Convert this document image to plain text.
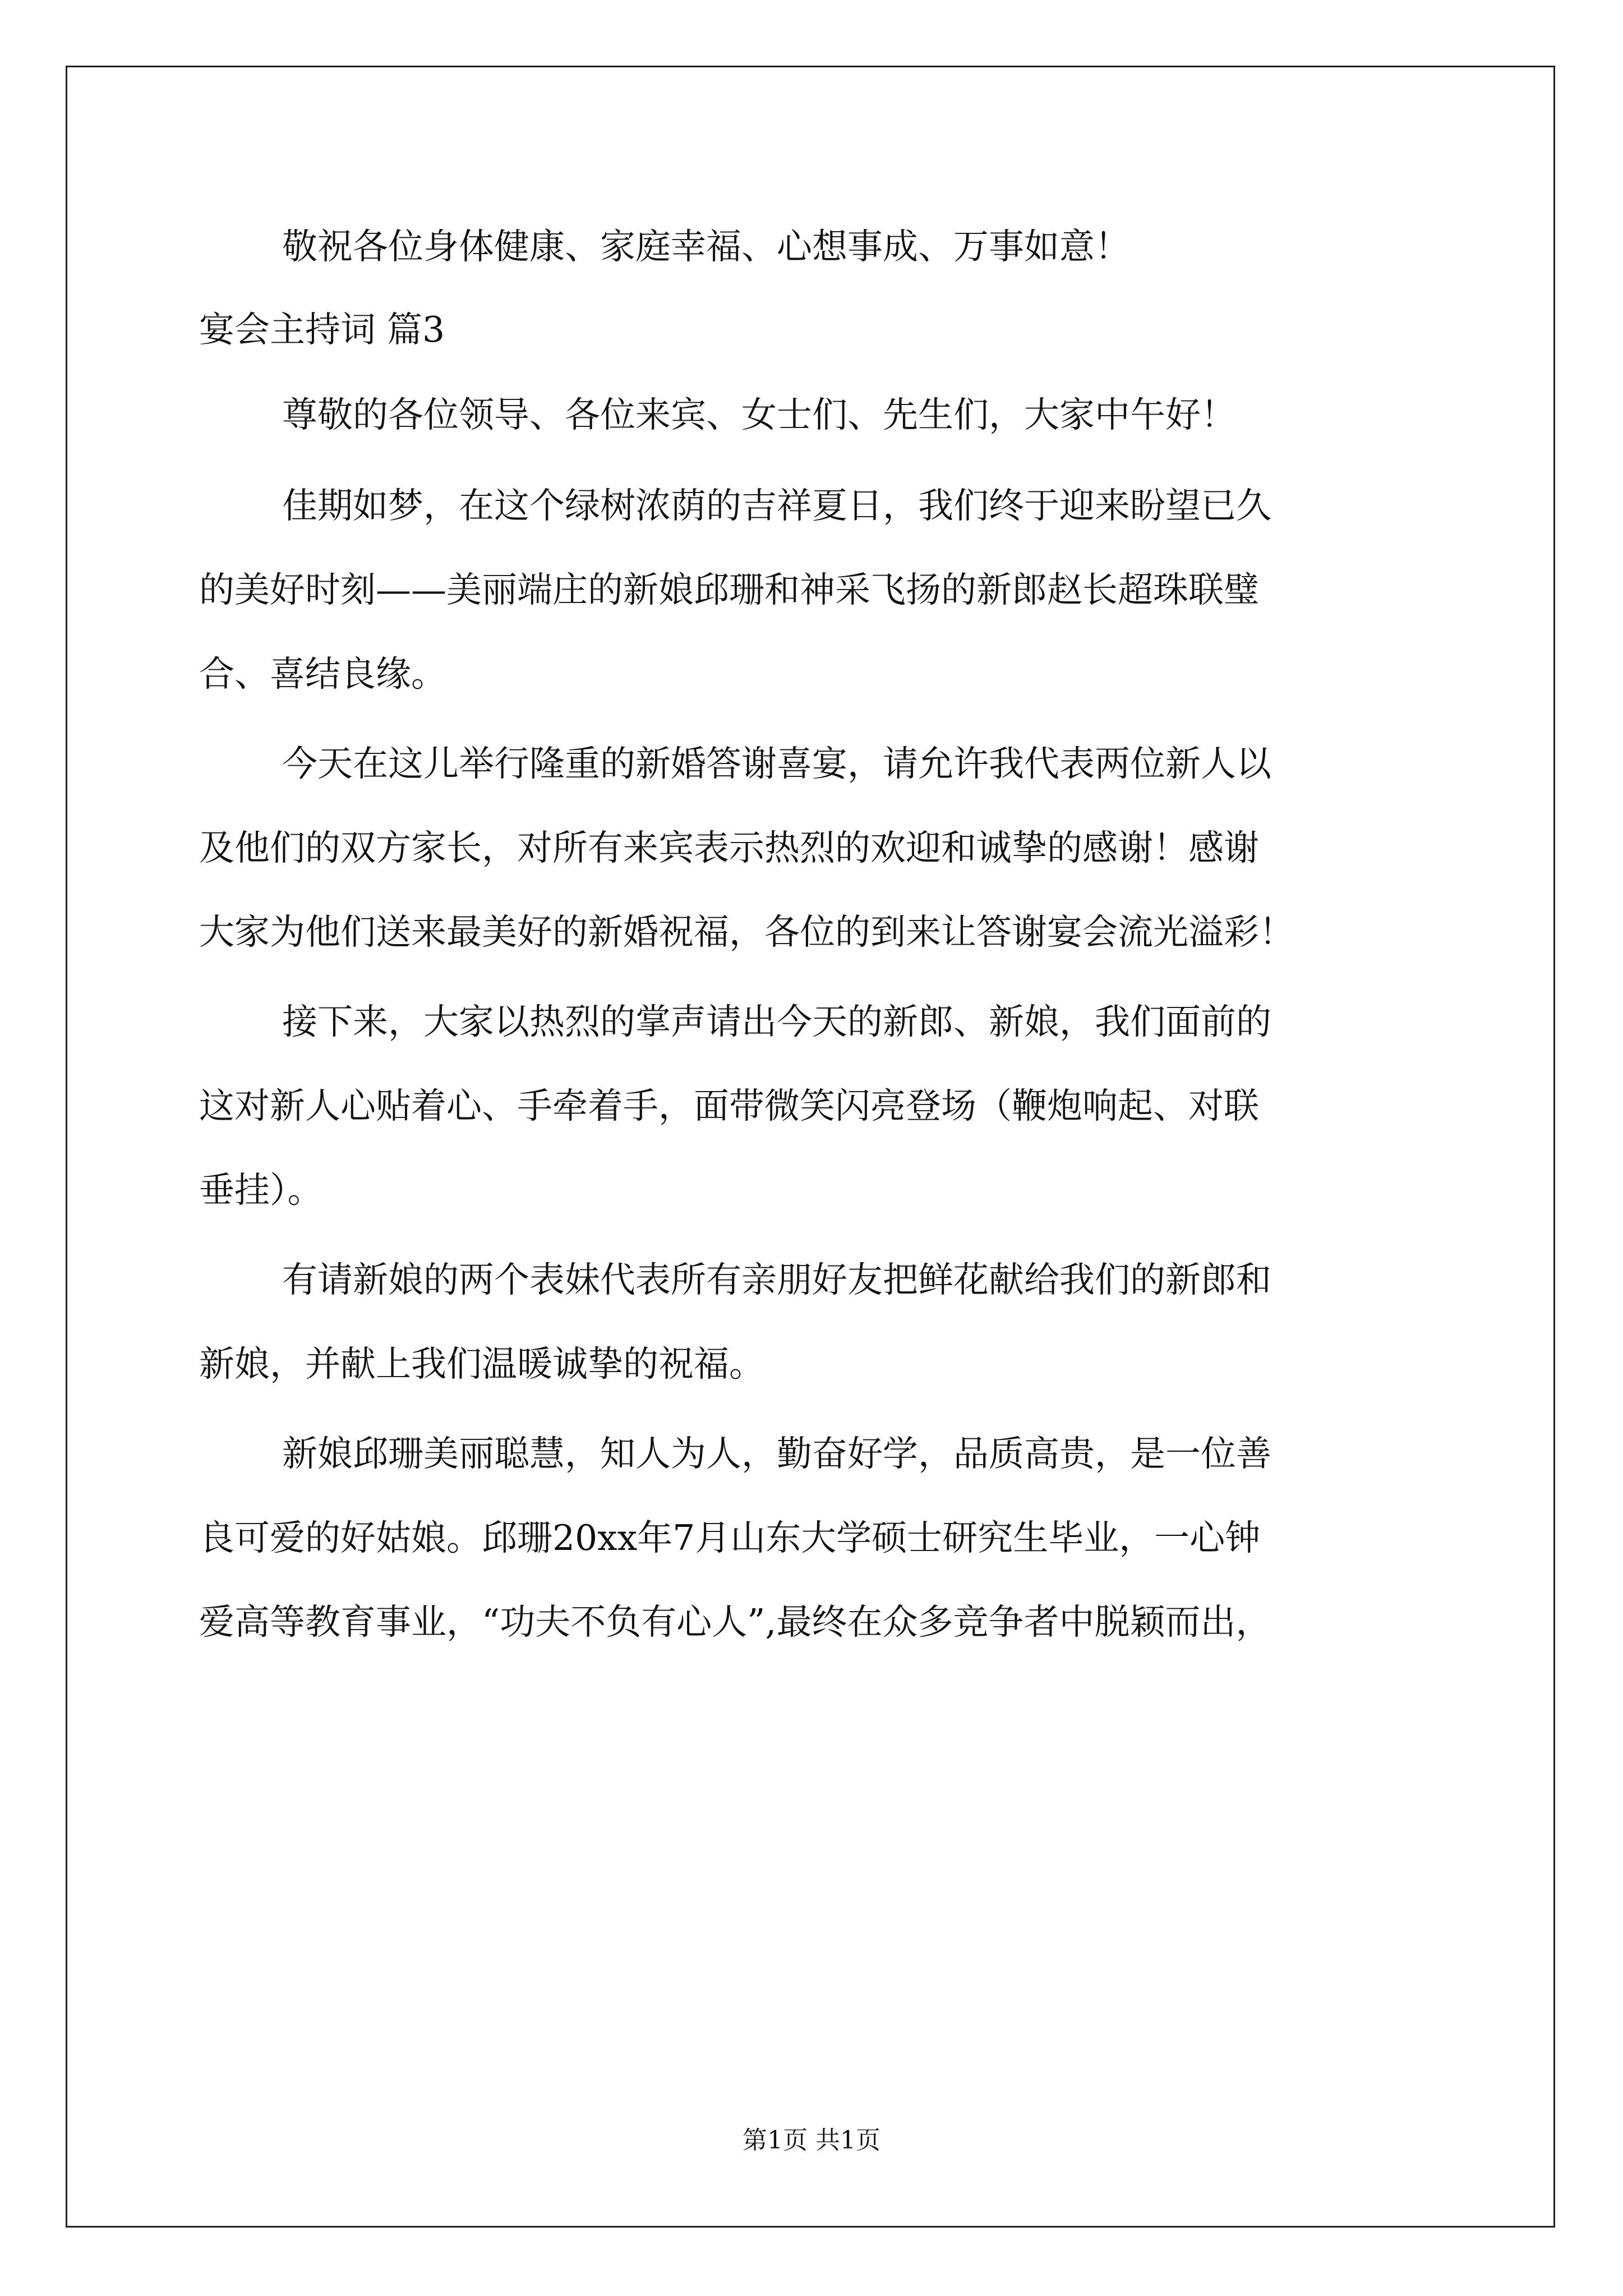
敬祝各位身体健康、家庭幸福、心想事成、万事如意！
宴会主持词 篇3
尊敬的各位领导、各位来宾、女士们、先生们，大家中午好！
佳期如梦，在这个绿树浓荫的吉祥夏日，我们终于迎来盼望已久
的美好时刻——美丽端庄的新娘邱珊和神采飞扬的新郎赵长超珠联璧
合、喜结良缘。
今天在这儿举行隆重的新婚答谢喜宴，请允许我代表两位新人以
及他们的双方家长，对所有来宾表示热烈的欢迎和诚挚的感谢！感谢
大家为他们送来最美好的新婚祝福，各位的到来让答谢宴会流光溢彩！
接下来，大家以热烈的掌声请出今天的新郎、新娘，我们面前的
这对新人心贴着心、手牵着手，面带微笑闪亮登场（鞭炮响起、对联
垂挂）。
有请新娘的两个表妹代表所有亲朋好友把鲜花献给我们的新郎和
新娘，并献上我们温暖诚挚的祝福。
新娘邱珊美丽聪慧，知人为人，勤奋好学，品质高贵，是一位善
良可爱的好姑娘。邱珊20xx年7月山东大学硕士研究生毕业，一心钟
爱高等教育事业，“功夫不负有心人”,最终在众多竞争者中脱颖而出，
第1页 共1页
